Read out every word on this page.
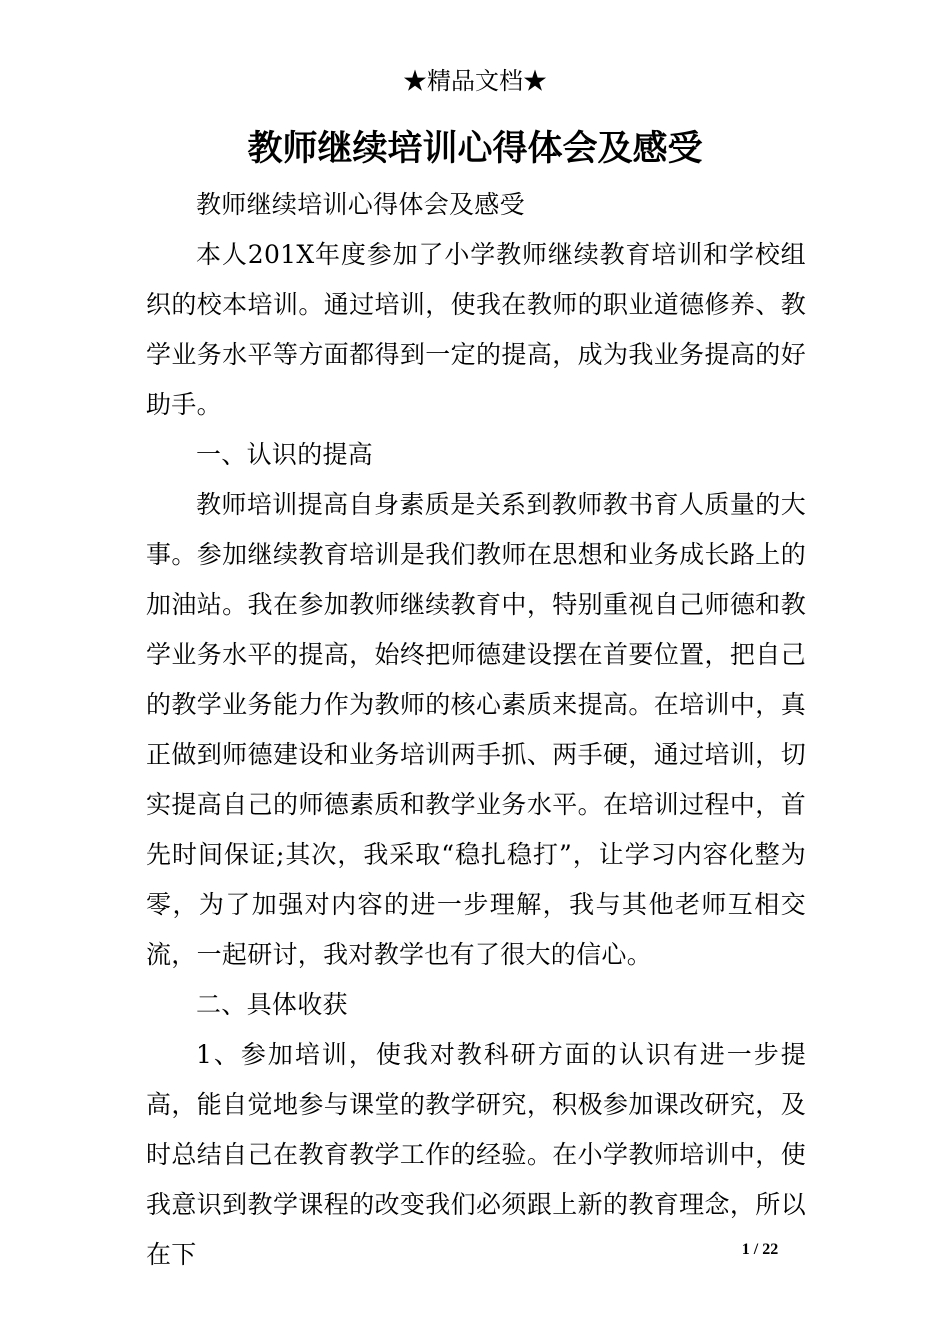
★精品文档★
教师继续培训心得体会及感受

教师继续培训心得体会及感受

本人201X年度参加了小学教师继续教育培训和学校组织的校本培训。通过培训，使我在教师的职业道德修养、教学业务水平等方面都得到一定的提高，成为我业务提高的好助手。

一、认识的提高

教师培训提高自身素质是关系到教师教书育人质量的大事。参加继续教育培训是我们教师在思想和业务成长路上的加油站。我在参加教师继续教育中，特别重视自己师德和教学业务水平的提高，始终把师德建设摆在首要位置，把自己的教学业务能力作为教师的核心素质来提高。在培训中，真正做到师德建设和业务培训两手抓、两手硬，通过培训，切实提高自己的师德素质和教学业务水平。在培训过程中，首先时间保证;其次，我采取“稳扎稳打”，让学习内容化整为零，为了加强对内容的进一步理解，我与其他老师互相交流，一起研讨，我对教学也有了很大的信心。

二、具体收获

1、参加培训，使我对教科研方面的认识有进一步提高，能自觉地参与课堂的教学研究，积极参加课改研究，及时总结自己在教育教学工作的经验。在小学教师培训中，使我意识到教学课程的改变我们必须跟上新的教育理念，所以在下	1 / 22
